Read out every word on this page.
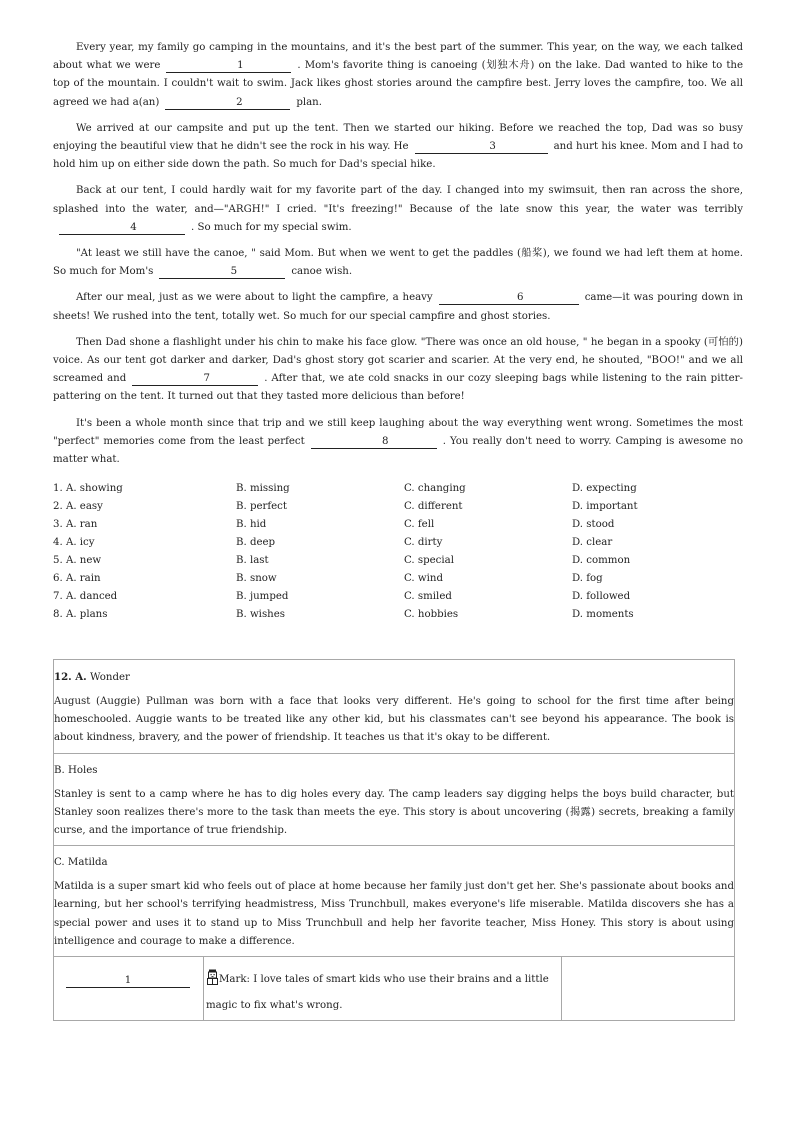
Every year, my family go camping in the mountains, and it's the best part of the summer. This year, on the way, we each talked about what we were	1	. Mom's favorite thing is canoeing (划独木舟) on the lake. Dad wanted to hike to the top of the mountain. I couldn't wait to swim. Jack likes ghost stories around the campfire best. Jerry loves the campfire, too. We all agreed we had a(an)	2	plan.

We arrived at our campsite and put up the tent. Then we started our hiking. Before we reached the top, Dad was so busy enjoying the beautiful view that he didn't see the rock in his way. He	3	and hurt his knee. Mom and I had to hold him up on either side down the path. So much for Dad's special hike.

Back at our tent, I could hardly wait for my favorite part of the day. I changed into my swimsuit, then ran across the shore, splashed into the water, and—"ARGH!" I cried. "It's freezing!" Because of the late snow this year, the water was terribly4	. So much for my special swim.

"At least we still have the canoe, " said Mom. But when we went to get the paddles (船桨), we found we had left them at home. So much for Mom's	5	canoe wish.

After our meal, just as we were about to light the campfire, a heavy	6	came—it was pouring down in sheets! We rushed into the tent, totally wet. So much for our special campfire and ghost stories.

Then Dad shone a flashlight under his chin to make his face glow. "There was once an old house, " he began in a spooky (可怕的) voice. As our tent got darker and darker, Dad's ghost story got scarier and scarier. At the very end, he shouted, "BOO!" and we all screamed and	7	. After that, we ate cold snacks in our cozy sleeping bags while listening to the rain pitter-pattering on the tent. It turned out that they tasted more delicious than before!

It's been a whole month since that trip and we still keep laughing about the way everything went wrong. Sometimes the most "perfect" memories come from the least perfect	8	. You really don't need to worry. Camping is awesome no matter what.

1. A. showing	B. missing	C. changing	D. expecting
2. A. easy	B. perfect	C. different	D. important
3. A. ran	B. hid	C. fell	D. stood
4. A. icy	B. deep	C. dirty	D. clear
5. A. new	B. last	C. special	D. common
6. A. rain	B. snow	C. wind	D. fog
7. A. danced	B. jumped	C. smiled	D. followed
8. A. plans	B. wishes	C. hobbies	D. moments
12. A. Wonder
August (Auggie) Pullman was born with a face that looks very different. He's going to school for the first time after being homeschooled. Auggie wants to be treated like any other kid, but his classmates can't see beyond his appearance. The book is about kindness, bravery, and the power of friendship. It teaches us that it's okay to be different.
B. Holes
Stanley is sent to a camp where he has to dig holes every day. The camp leaders say digging helps the boys build character, but Stanley soon realizes there's more to the task than meets the eye. This story is about uncovering (揭露) secrets, breaking a family curse, and the importance of true friendship.
C. Matilda
Matilda is a super smart kid who feels out of place at home because her family just don't get her. She's passionate about books and learning, but her school's terrifying headmistress, Miss Trunchbull, makes everyone's life miserable. Matilda discovers she has a special power and uses it to stand up to Miss Trunchbull and help her favorite teacher, Miss Honey. This story is about using intelligence and courage to make a difference.
1	Mark: I love tales of smart kids who use their brains and a little magic to fix what's wrong.
